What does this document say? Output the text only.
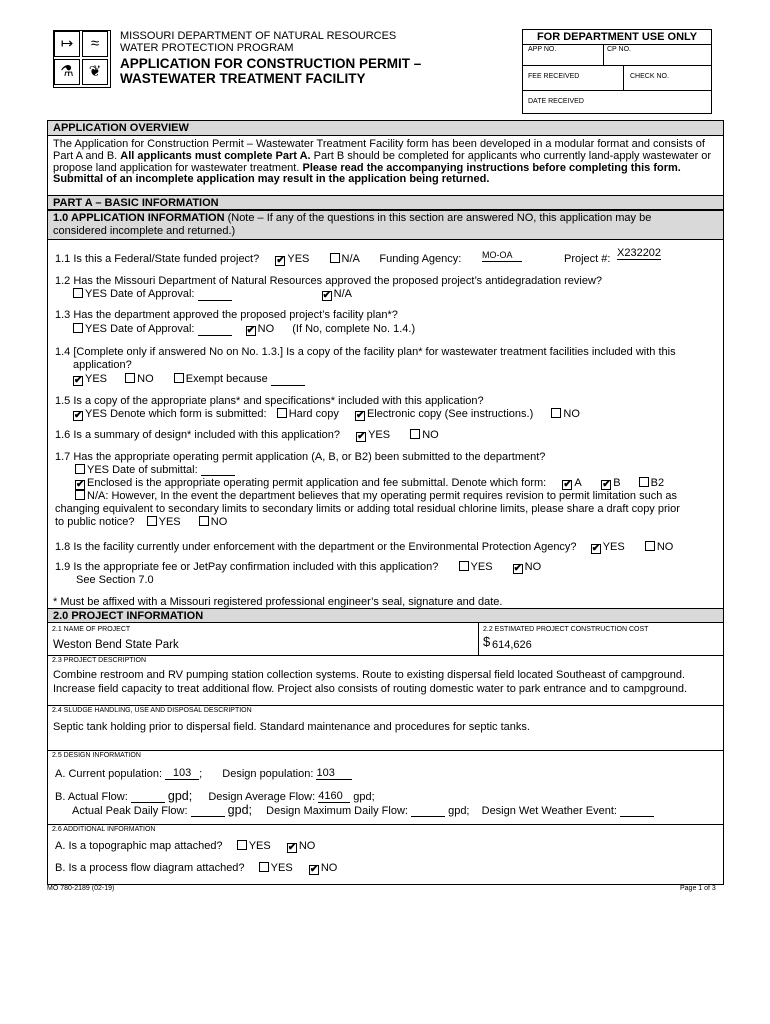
↦	≈
⚗ ❦
MISSOURI DEPARTMENT OF NATURAL RESOURCES
WATER PROTECTION PROGRAM
APPLICATION FOR CONSTRUCTION PERMIT –
WASTEWATER TREATMENT FACILITY
FOR DEPARTMENT USE ONLY
APP NO.	CP NO.
FEE RECEIVED	CHECK NO.
DATE RECEIVED
APPLICATION OVERVIEW
The Application for Construction Permit – Wastewater Treatment Facility form has been developed in a modular format and consists of Part A and B. All applicants must complete Part A. Part B should be completed for applicants who currently land-apply wastewater or propose land application for wastewater treatment. Please read the accompanying instructions before completing this form. Submittal of an incomplete application may result in the application being returned.
PART A – BASIC INFORMATION
1.0 APPLICATION INFORMATION (Note – If any of the questions in this section are answered NO, this application may be considered incomplete and returned.)
1.1 Is this a Federal/State funded project? ✔ YES	N/A Funding Agency: MO-OA	Project #: X232202
1.2 Has the Missouri Department of Natural Resources approved the proposed project’s antidegradation review?
YES Date of Approval:	✔ N/A
1.3 Has the department approved the proposed project’s facility plan*?
YES Date of Approval:	✔ NO (If No, complete No. 1.4.)
1.4 [Complete only if answered No on No. 1.3.] Is a copy of the facility plan* for wastewater treatment facilities included with this
application?
✔ YES	NO	Exempt because
1.5 Is a copy of the appropriate plans* and specifications* included with this application?
✔ YES Denote which form is submitted: Hard copy ✔ Electronic copy (See instructions.)	NO
1.6 Is a summary of design* included with this application? ✔ YES	NO
1.7 Has the appropriate operating permit application (A, B, or B2) been submitted to the department?
YES Date of submittal:
✔ Enclosed is the appropriate operating permit application and fee submittal. Denote which form: ✔ A ✔ B	B2
N/A: However, In the event the department believes that my operating permit requires revision to permit limitation such as
changing equivalent to secondary limits to secondary limits or adding total residual chlorine limits, please share a draft copy prior
to public notice? YES	NO
1.8 Is the facility currently under enforcement with the department or the Environmental Protection Agency? ✔ YES	NO
1.9 Is the appropriate fee or JetPay confirmation included with this application?	YES ✔ NO
See Section 7.0
* Must be affixed with a Missouri registered professional engineer’s seal, signature and date.
2.0 PROJECT INFORMATION
2.1 NAME OF PROJECT
Weston Bend State Park
2.2 ESTIMATED PROJECT CONSTRUCTION COST
$ 614,626
2.3 PROJECT DESCRIPTION
Combine restroom and RV pumping station collection systems. Route to existing dispersal field located Southeast of campground.
Increase field capacity to treat additional flow. Project also consists of routing domestic water to park entrance and to campground.
2.4 SLUDGE HANDLING, USE AND DISPOSAL DESCRIPTION
Septic tank holding prior to dispersal field. Standard maintenance and procedures for septic tanks.
2.5 DESIGN INFORMATION
A. Current population: 103 ; Design population: 103
B. Actual Flow:	gpd; Design Average Flow: 4160 gpd;
Actual Peak Daily Flow:	gpd; Design Maximum Daily Flow:	gpd; Design Wet Weather Event:
2.6 ADDITIONAL INFORMATION
A. Is a topographic map attached? YES ✔ NO
B. Is a process flow diagram attached? YES ✔ NO
MO 780-2189 (02-19)	Page 1 of 3
